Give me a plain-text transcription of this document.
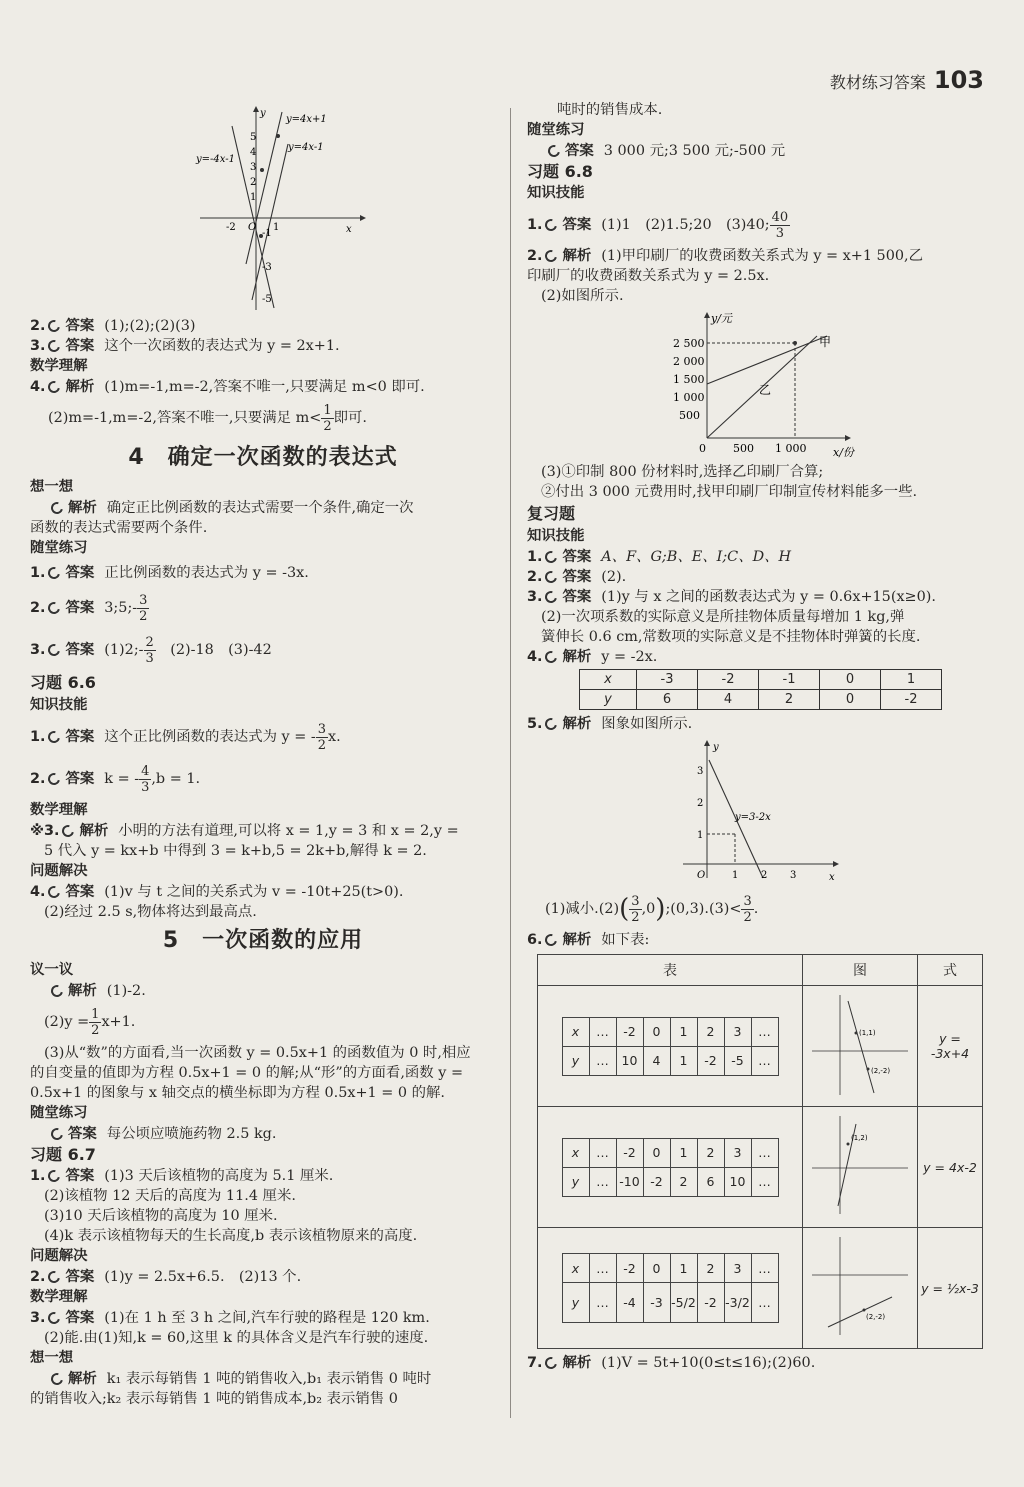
教材练习答案 103
y=4x+1
y=4x-1
y=-4x-1
x
y
5
4
3
2
1
-2 O 1
-1
-3
-5
2. 答案 (1);(2);(2)(3)
3. 答案 这个一次函数的表达式为 y = 2x+1.
数学理解
4. 解析 (1)m=-1,m=-2,答案不唯一,只要满足 m<0 即可.
(2)m=-1,m=-2,答案不唯一,只要满足 $m< \frac{1}{2}$ 即可.
4　确定一次函数的表达式
想一想
解析 确定正比例函数的表达式需要一个条件,确定一次
函数的表达式需要两个条件.
随堂练习
1. 答案 正比例函数的表达式为 y = -3x.
2. 答案 3;5;- $\frac{3}{2}$
3. 答案 (1)2;- $\frac{2}{3}$
　 (2)-18　(3)-42
习题 6.6
知识技能
1. 答案 这个正比例函数的表达式为 y = - $\frac{3}{2} x$.
2. 答案 k = - $\frac{4}{3} ,b = 1$.
数学理解
※3. 解析 小明的方法有道理,可以将 x = 1,y = 3 和 x = 2,y =
5 代入 y = kx+b 中得到 3 = k+b,5 = 2k+b,解得 k = 2.
问题解决
4. 答案 (1)v 与 t 之间的关系式为 v = -10t+25(t>0).
(2)经过 2.5 s,物体将达到最高点.
5　一次函数的应用
议一议
解析 (1)-2.
$(2)y = \frac{1}{2} x+1$.
(3)从“数”的方面看,当一次函数 y = 0.5x+1 的函数值为 0 时,相应
的自变量的值即为方程 0.5x+1 = 0 的解;从“形”的方面看,函数 y =
0.5x+1 的图象与 x 轴交点的横坐标即为方程 0.5x+1 = 0 的解.
随堂练习
答案 每公顷应喷施药物 2.5 kg.
习题 6.7
1. 答案 (1)3 天后该植物的高度为 5.1 厘米.
(2)该植物 12 天后的高度为 11.4 厘米.
(3)10 天后该植物的高度为 10 厘米.
(4)k 表示该植物每天的生长高度,b 表示该植物原来的高度.
问题解决
2. 答案 (1)y = 2.5x+6.5.　(2)13 个.
数学理解
3. 答案 (1)在 1 h 至 3 h 之间,汽车行驶的路程是 120 km.
(2)能.由(1)知,k = 60,这里 k 的具体含义是汽车行驶的速度.
想一想
解析 k₁ 表示每销售 1 吨的销售收入,b₁ 表示销售 0 吨时
的销售收入;k₂ 表示每销售 1 吨的销售成本,b₂ 表示销售 0
吨时的销售成本.
随堂练习
答案 3 000 元;3 500 元;-500 元
习题 6.8
知识技能
1. 答案 (1)1　(2)1.5;20　(3)40; $\frac{40}{3}$
2. 解析 (1)甲印刷厂的收费函数关系式为 y = x+1 500,乙
印刷厂的收费函数关系式为 y = 2.5x.
(2)如图所示.
y/元
x/份
2 500
2 000
1 500
1 000
500
0 500 1 000
甲
乙
(3)①印制 800 份材料时,选择乙印刷厂合算;
②付出 3 000 元费用时,找甲印刷厂印制宣传材料能多一些.
复习题
知识技能
1. 答案 A、F、G;B、E、I;C、D、H
2. 答案 (2).
3. 答案 (1)y 与 x 之间的函数表达式为 y = 0.6x+15(x≥0).
(2)一次项系数的实际意义是所挂物体质量每增加 1 kg,弹
簧伸长 0.6 cm,常数项的实际意义是不挂物体时弹簧的长度.
4. 解析 y = -2x.
x	-3	-2	-1	0	1
y	6	4	2	0	-2
5. 解析 图象如图所示.
y=3-2x
y
x
O	1 2 3
1
2
3
(1)减小$.(2)( \frac{3}{2}$ ,0);(0,3).(3)< $\frac{3}{2}$ .
6. 解析 如下表:
表	图	式

x	…	-2	0	1	2	3	…
y	…	10	4	1	-2	-5	…

(1,1)
(2,-2)
	y = -3x+4

x	…	-2	0	1	2	3	…
y	…	-10	-2	2	6	10	…

(1,2)
	y = 4x-2

x	…	-2	0	1	2	3	…
y	…	-4	-3	-5/2	-2	-3/2	…

(2,-2)
	y = ½x-3
7. 解析 (1)V = 5t+10(0≤t≤16);(2)60.
